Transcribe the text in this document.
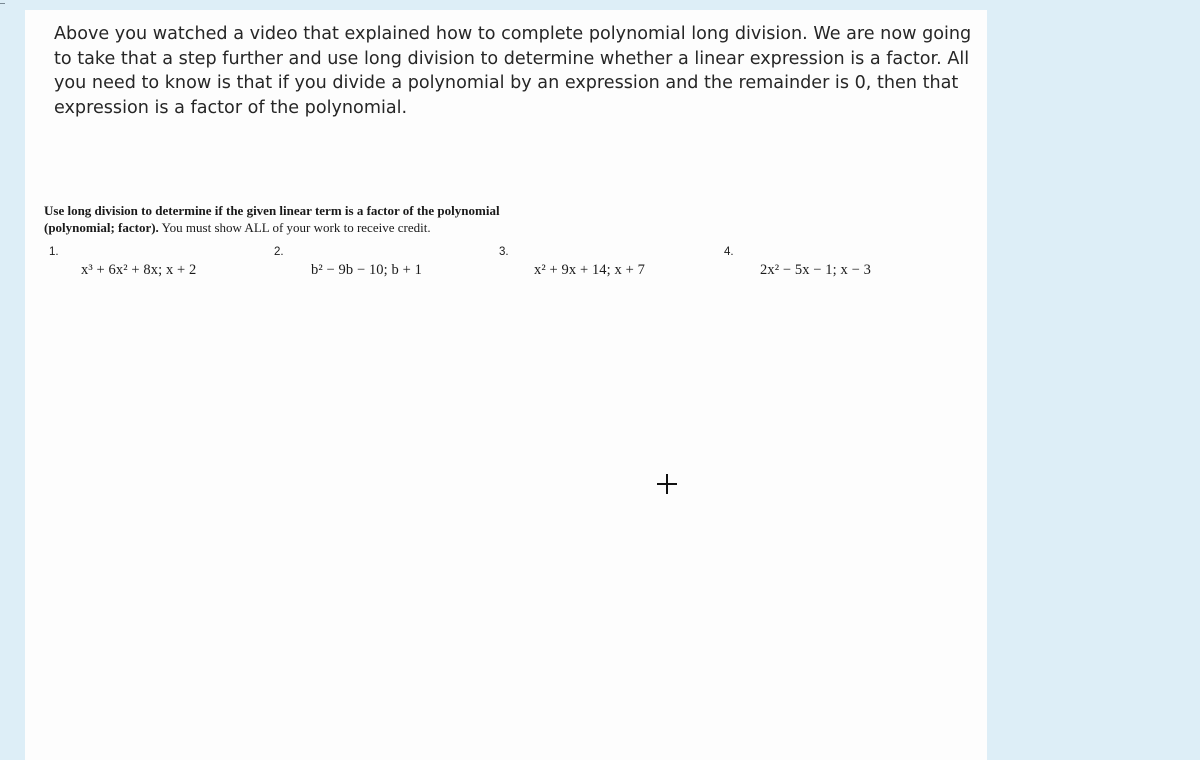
Above you watched a video that explained how to complete polynomial long division. We are now going to take that a step further and use long division to determine whether a linear expression is a factor. All you need to know is that if you divide a polynomial by an expression and the remainder is 0, then that expression is a factor of the polynomial.

Use long division to determine if the given linear term is a factor of the polynomial
(polynomial; factor). You must show ALL of your work to receive credit.
1.
x³ + 6x² + 8x; x + 2
2.
b² − 9b − 10; b + 1
3.
x² + 9x + 14; x + 7
4.
2x² − 5x − 1; x − 3
